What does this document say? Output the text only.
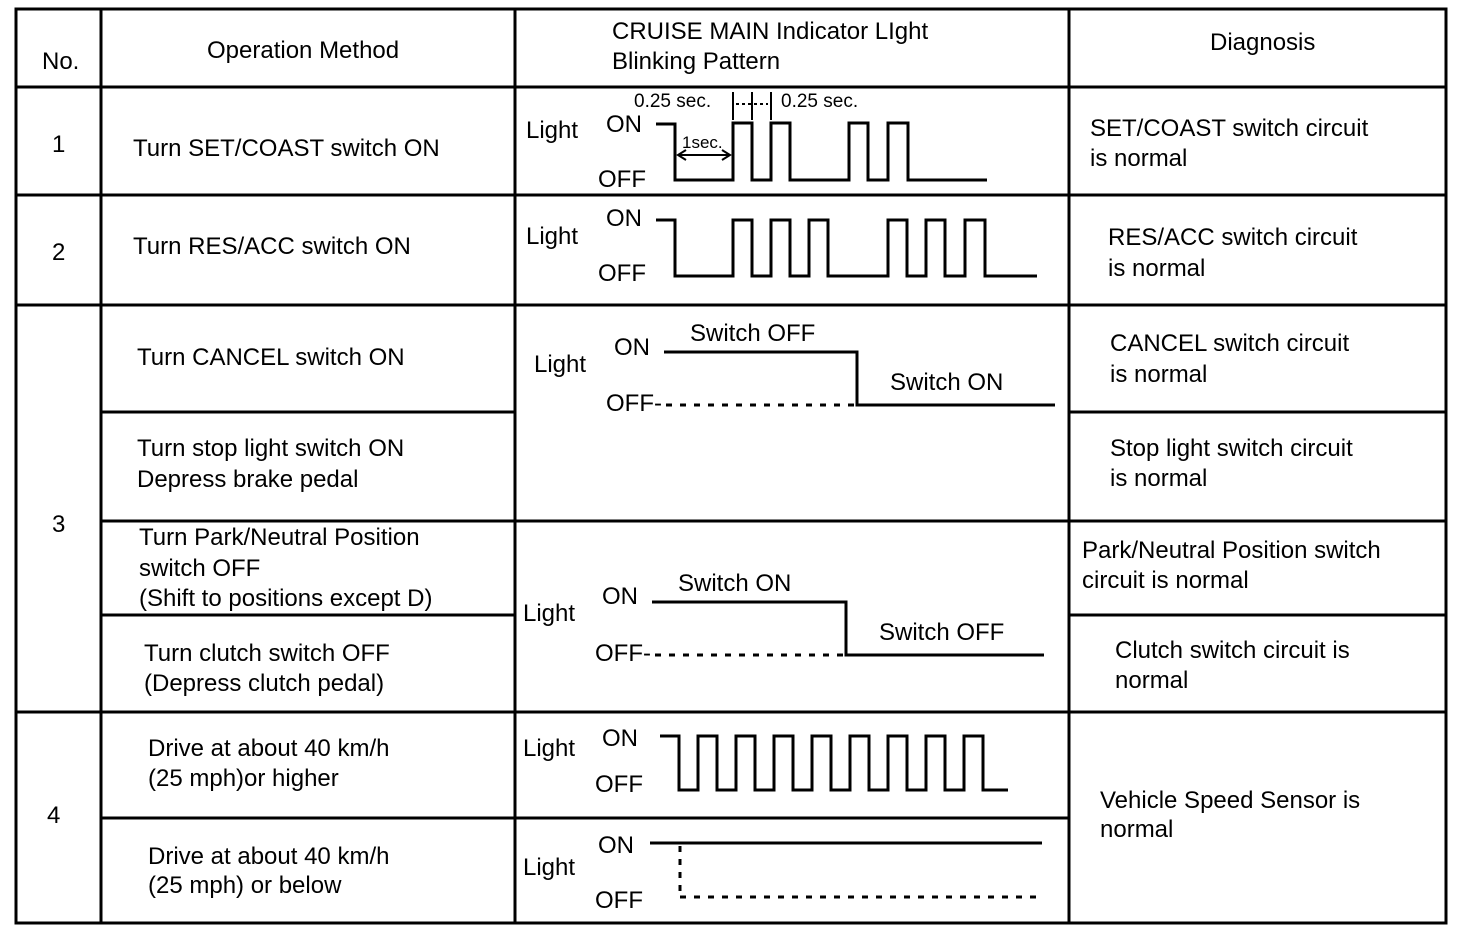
No.	Operation Method
CRUISE MAIN Indicator LIght
Blinking Pattern
Diagnosis
1
2
3
4
Turn SET/COAST switch ON
Turn RES/ACC switch ON
Turn CANCEL switch ON
Turn stop light switch ON
Depress brake pedal
Turn Park/Neutral Position
switch OFF
(Shift to positions except D)
Turn clutch switch OFF
(Depress clutch pedal)
Drive at about 40 km/h
(25 mph)or higher
Drive at about 40 km/h
(25 mph) or below
SET/COAST switch circuit
is normal
RES/ACC switch circuit
is normal
CANCEL switch circuit
is normal
Stop light switch circuit
is normal
Park/Neutral Position switch
circuit is normal
Clutch switch circuit is
normal
Vehicle Speed Sensor is
normal
Light ON
OFF
Light
ON
OFF
Light
ON
OFF-
Light
ON
OFF-
Light ON
OFF
Light
ON
OFF
0.25 sec.	0.25 sec.
1sec.
Switch OFF
Switch ON
Switch ON
Switch OFF
